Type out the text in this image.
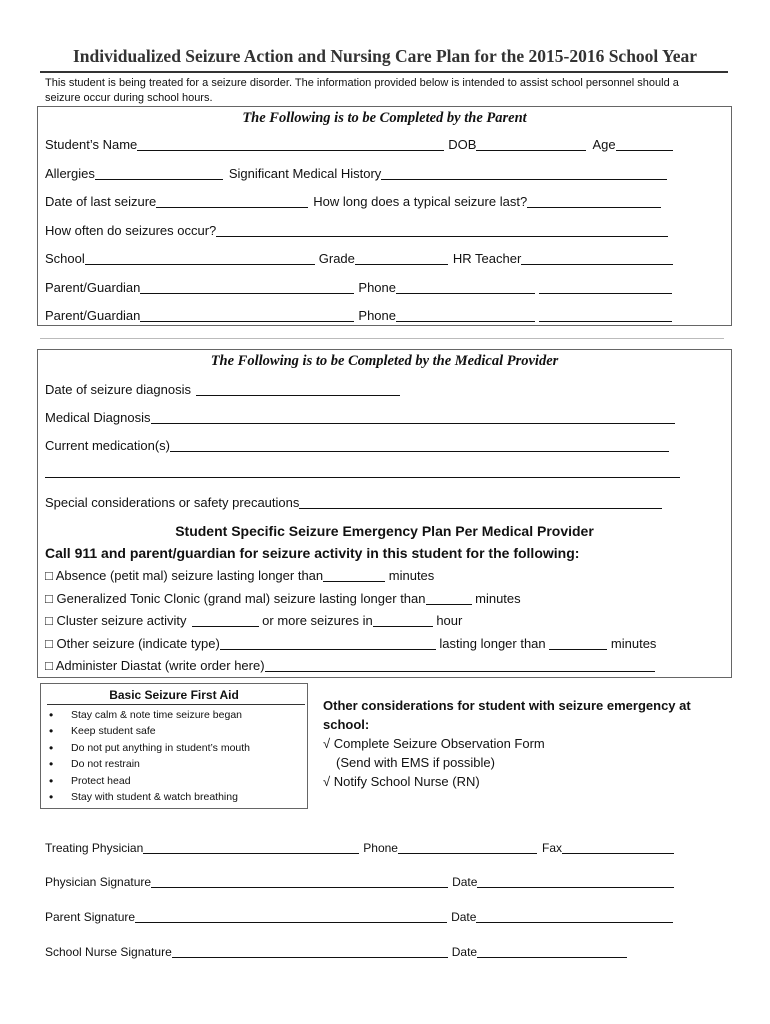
Individualized Seizure Action and Nursing Care Plan for the 2015-2016 School Year
This student is being treated for a seizure disorder. The information provided below is intended to assist school personnel should a
seizure occur during school hours.
The Following is to be Completed by the Parent
Student’s Name	DOB	Age
Allergies	Significant Medical History
Date of last seizure	How long does a typical seizure last?
How often do seizures occur?
School	Grade	HR Teacher
Parent/Guardian	Phone
Parent/Guardian	Phone
The Following is to be Completed by the Medical Provider
Date of seizure diagnosis
Medical Diagnosis
Current medication(s)
Special considerations or safety precautions
Student Specific Seizure Emergency Plan Per Medical Provider
Call 911 and parent/guardian for seizure activity in this student for the following:
□ Absence (petit mal) seizure lasting longer than	minutes
□ Generalized Tonic Clonic (grand mal) seizure lasting longer than	minutes
□ Cluster seizure activity	or more seizures in	hour
□ Other seizure (indicate type)	lasting longer than	minutes
□ Administer Diastat (write order here)
Basic Seizure First Aid
• Stay calm & note time seizure began
• Keep student safe
• Do not put anything in student’s mouth
• Do not restrain
• Protect head
• Stay with student & watch breathing
Other considerations for student with seizure emergency at
school:
√ Complete Seizure Observation Form
(Send with EMS if possible)
√ Notify School Nurse (RN)
Treating Physician	Phone	Fax
Physician Signature	Date
Parent Signature	Date
School Nurse Signature	Date
